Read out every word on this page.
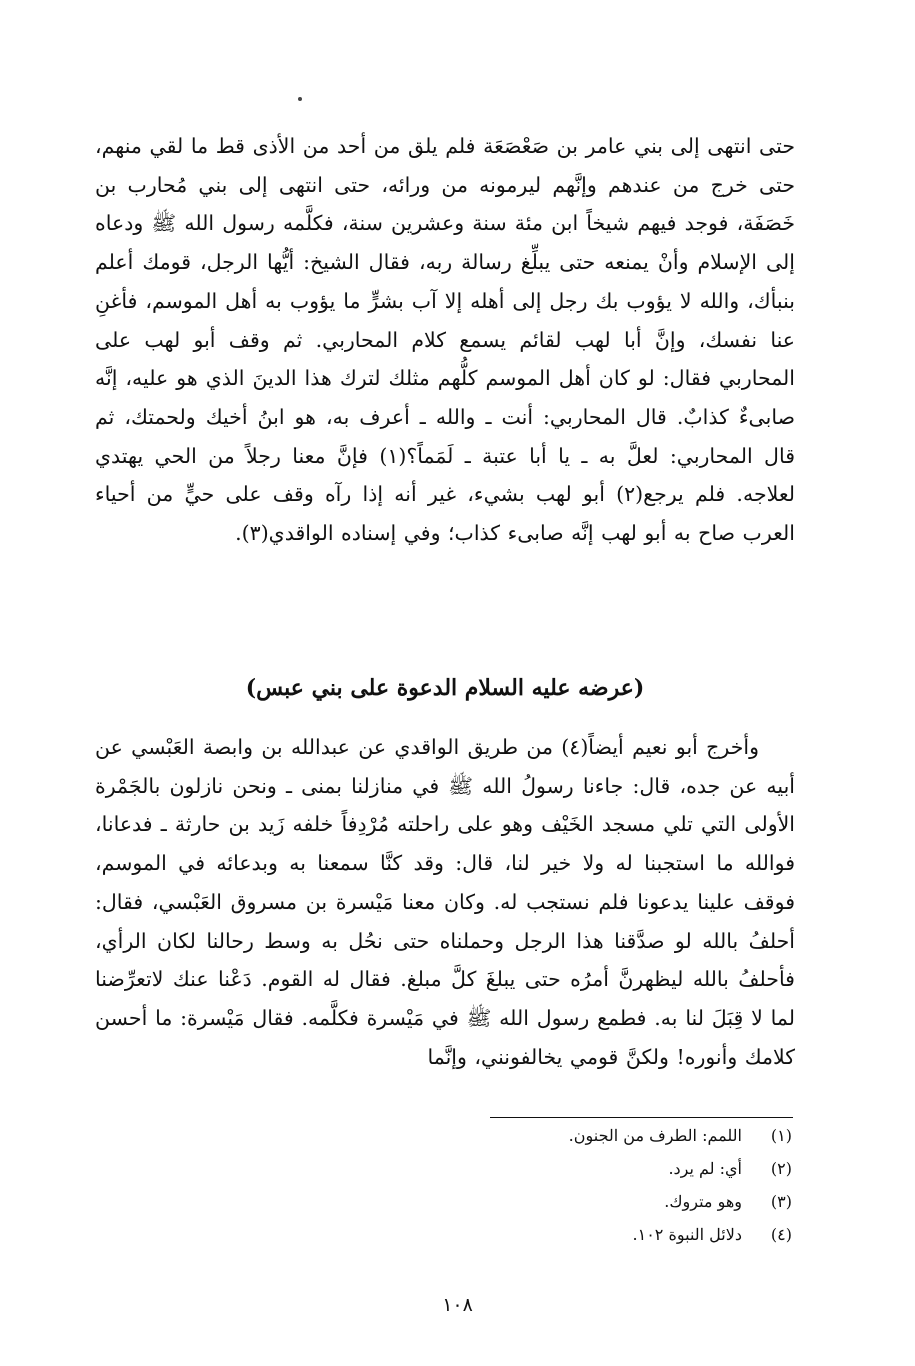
حتى انتهى إلى بني عامر بن صَعْصَعَة فلم يلق من أحد من الأذى قط ما لقي منهم، حتى خرج من عندهم وإنَّهم ليرمونه من ورائه، حتى انتهى إلى بني مُحارب بن خَصَفَة، فوجد فيهم شيخاً ابن مئة سنة وعشرين سنة، فكلَّمه رسول الله ﷺ ودعاه إلى الإسلام وأنْ يمنعه حتى يبلِّغ رسالة ربه، فقال الشيخ: أيُّها الرجل، قومك أعلم بنبأك، والله لا يؤوب بك رجل إلى أهله إلا آب بشرٍّ ما يؤوب به أهل الموسم، فأغنِ عنا نفسك، وإنَّ أبا لهب لقائم يسمع كلام المحاربي. ثم وقف أبو لهب على المحاربي فقال: لو كان أهل الموسم كلُّهم مثلك لترك هذا الدينَ الذي هو عليه، إنَّه صابىءٌ كذابٌ. قال المحاربي: أنت ـ والله ـ أعرف به، هو ابنُ أخيك ولحمتك، ثم قال المحاربي: لعلَّ به ـ يا أبا عتبة ـ لَمَماً؟(١) فإنَّ معنا رجلاً من الحي يهتدي لعلاجه. فلم يرجع(٢) أبو لهب بشيء، غير أنه إذا رآه وقف على حيٍّ من أحياء العرب صاح به أبو لهب إنَّه صابىء كذاب؛ وفي إسناده الواقدي(٣).
(عرضه عليه السلام الدعوة على بني عبس)
وأخرج أبو نعيم أيضاً(٤) من طريق الواقدي عن عبدالله بن وابصة العَبْسي عن أبيه عن جده، قال: جاءنا رسولُ الله ﷺ في منازلنا بمنى ـ ونحن نازلون بالجَمْرة الأولى التي تلي مسجد الخَيْف وهو على راحلته مُرْدِفاً خلفه زَيد بن حارثة ـ فدعانا، فوالله ما استجبنا له ولا خير لنا، قال: وقد كنَّا سمعنا به وبدعائه في الموسم، فوقف علينا يدعونا فلم نستجب له. وكان معنا مَيْسرة بن مسروق العَبْسي، فقال: أحلفُ بالله لو صدَّقنا هذا الرجل وحملناه حتى نحُل به وسط رحالنا لكان الرأي، فأحلفُ بالله ليظهرنَّ أمرُه حتى يبلغَ كلَّ مبلغ. فقال له القوم. دَعْنا عنك لاتعرِّضنا لما لا قِبَلَ لنا به. فطمع رسول الله ﷺ في مَيْسرة فكلَّمه. فقال مَيْسرة: ما أحسن كلامك وأنوره! ولكنَّ قومي يخالفونني، وإنَّما
(١)
اللمم: الطرف من الجنون.
(٢)
أي: لم يرد.
(٣)
وهو متروك.
(٤)
دلائل النبوة ١٠٢.
١٠٨
